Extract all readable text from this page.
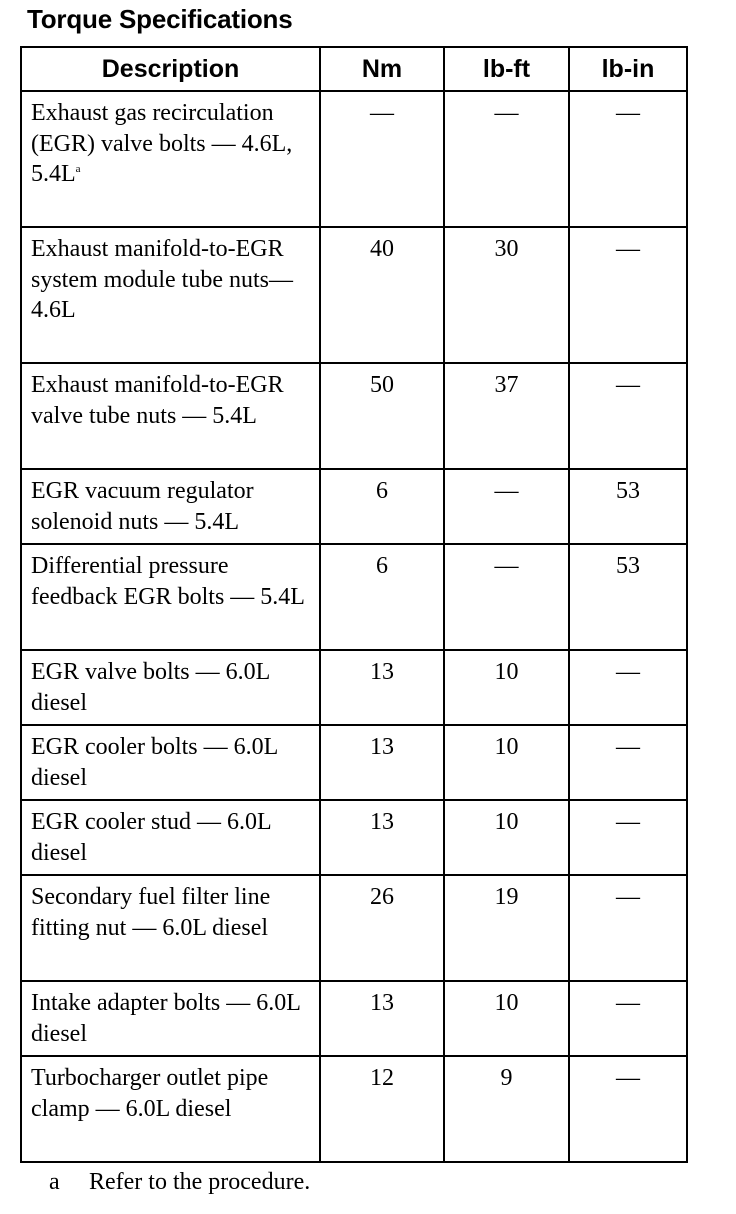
Torque Specifications
Description	Nm	lb-ft	lb-in
Exhaust gas recirculation (EGR) valve bolts — 4.6L, $5.4L^a$	—	—	—
Exhaust manifold-to-EGR system module tube nuts— 4.6L	40	30	—
Exhaust manifold-to-EGR valve tube nuts — 5.4L	50	37	—
EGR vacuum regulator solenoid nuts — 5.4L	6	—	53
Differential pressure feedback EGR bolts — 5.4L	6	—	53
EGR valve bolts — 6.0L diesel	13	10	—
EGR cooler bolts — 6.0L diesel	13	10	—
EGR cooler stud — 6.0L diesel	13	10	—
Secondary fuel filter line fitting nut — 6.0L diesel	26	19	—
Intake adapter bolts — 6.0L diesel	13	10	—
Turbocharger outlet pipe clamp — 6.0L diesel	12	9	—
a Refer to the procedure.
